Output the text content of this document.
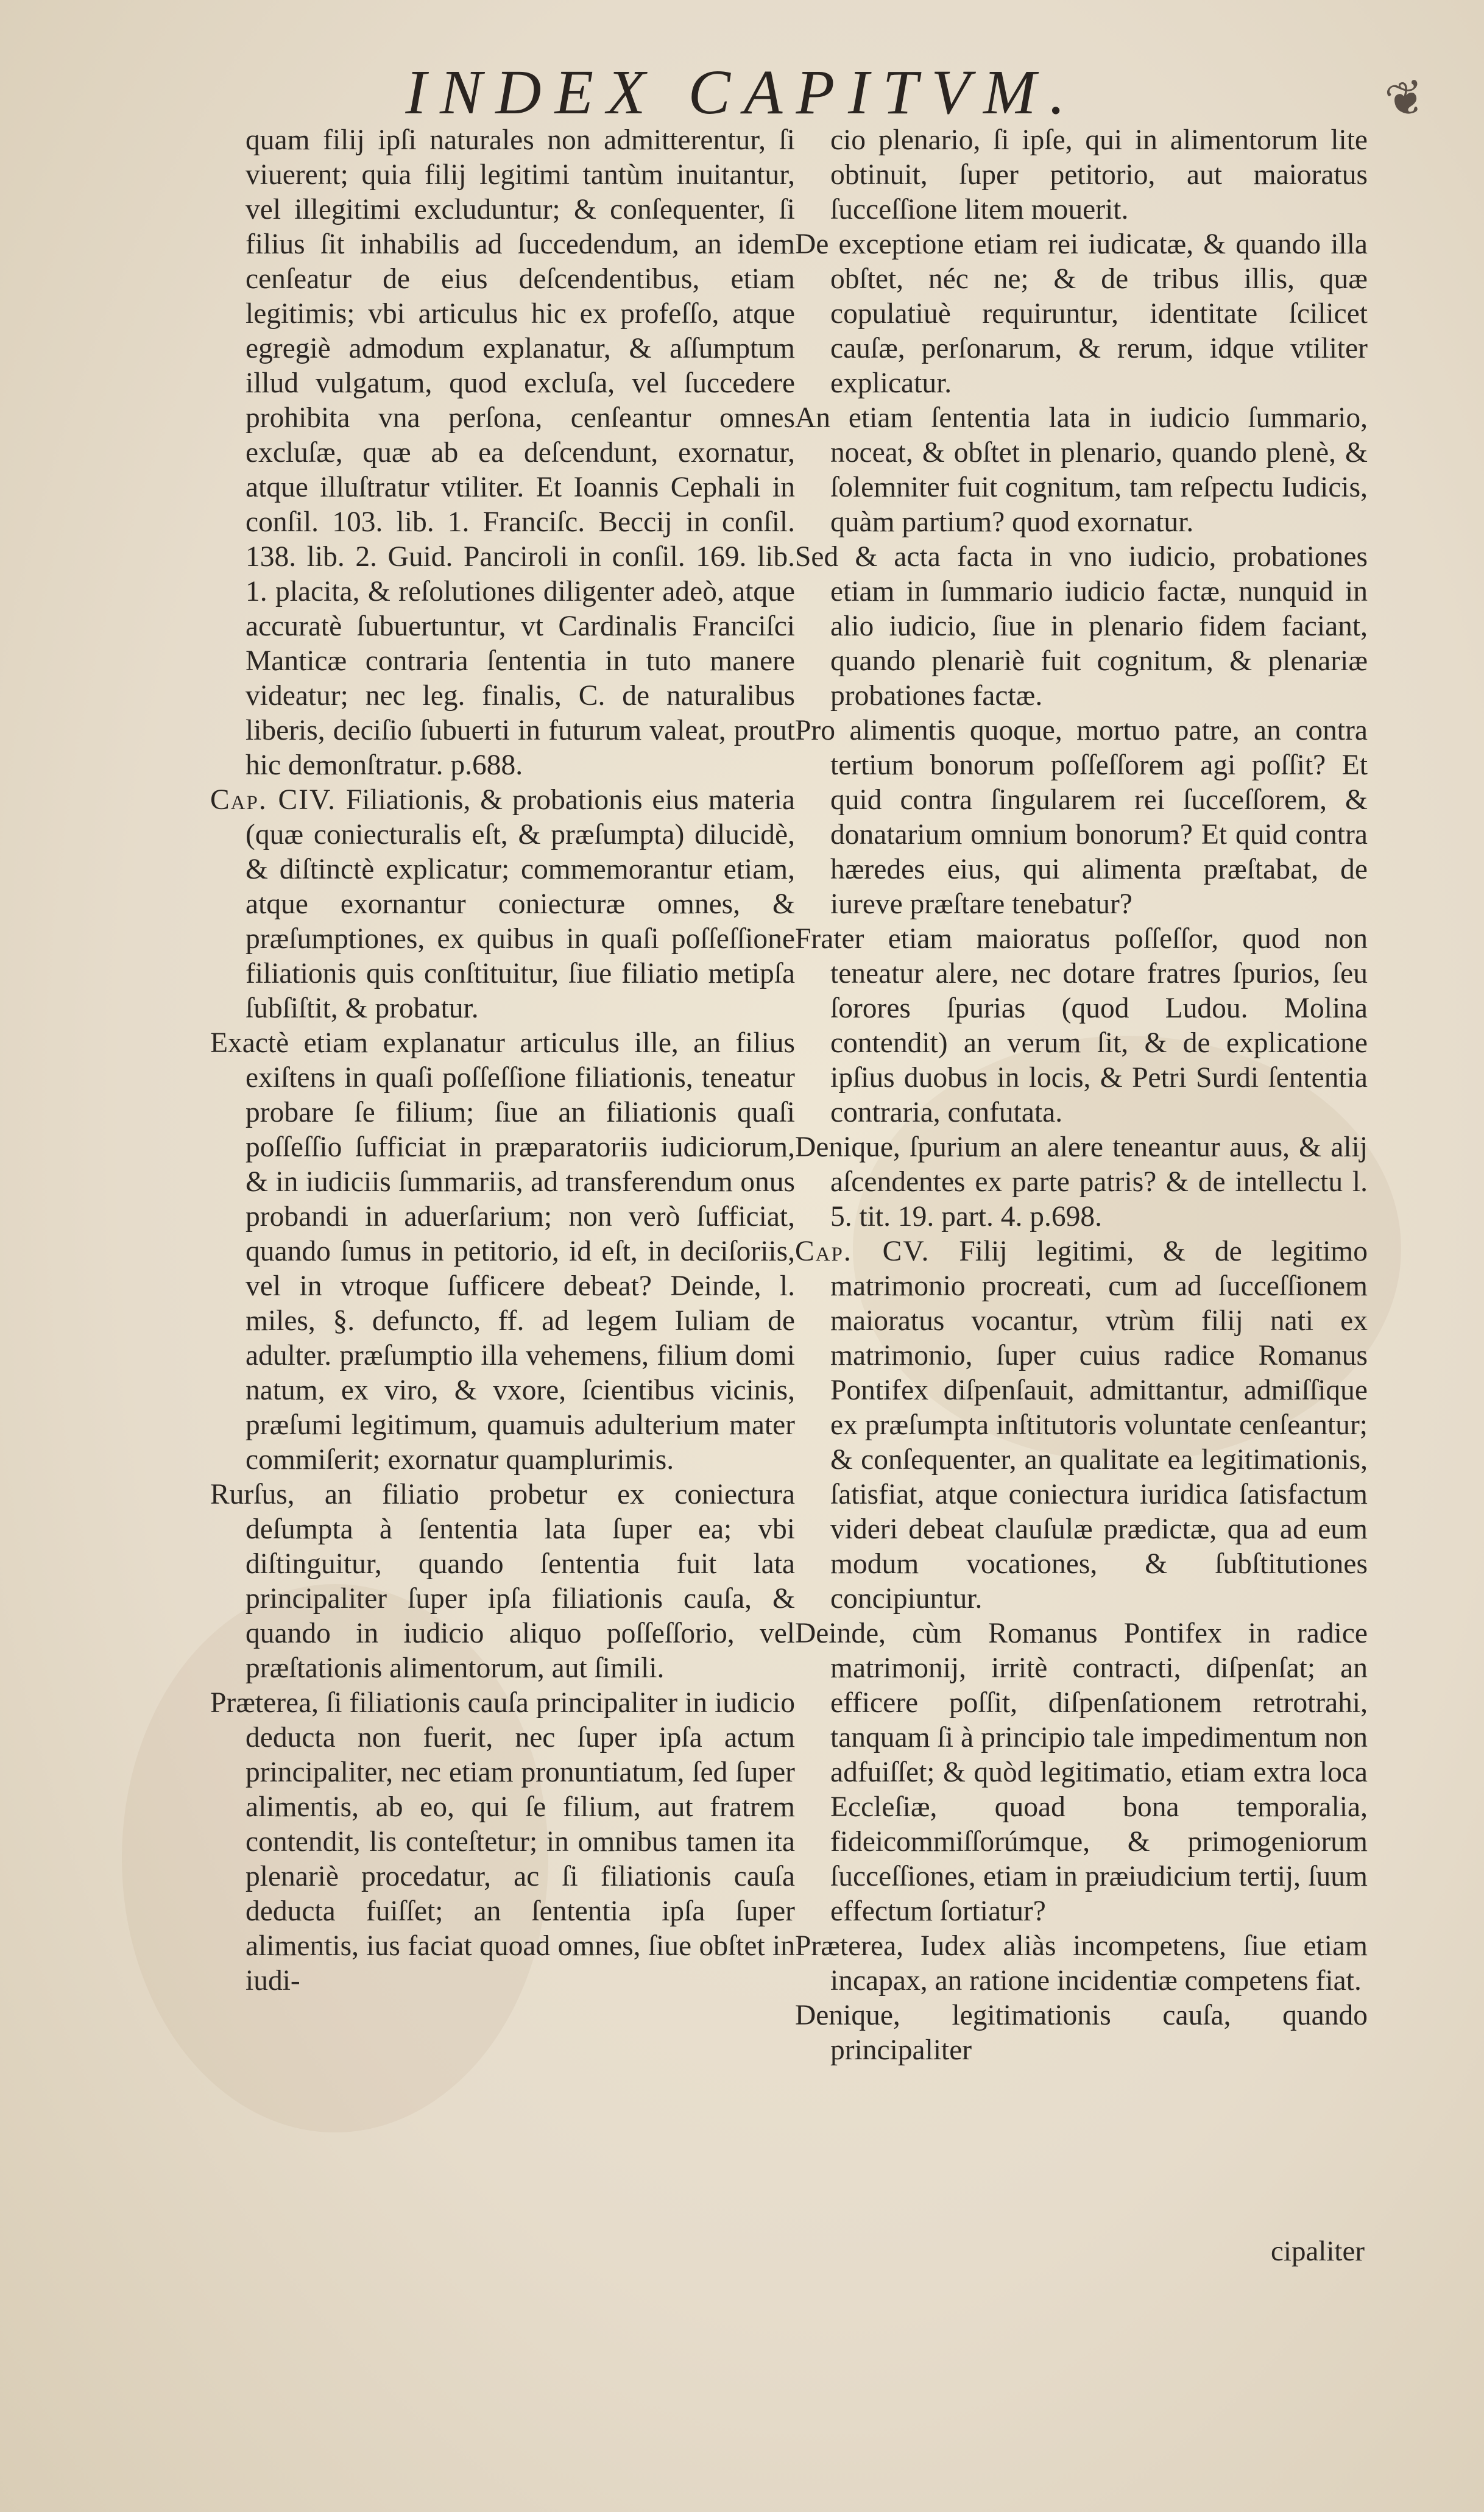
INDEX CAPITVM.	❦

quam filij ipſi naturales non admitterentur, ſi viuerent; quia filij legitimi tantùm inuitantur, vel illegitimi excluduntur; & conſequenter, ſi filius ſit inhabilis ad ſuccedendum, an idem cenſeatur de eius deſcendentibus, etiam legitimis; vbi articulus hic ex profeſſo, atque egregiè admodum explanatur, & aſſumptum illud vulgatum, quod excluſa, vel ſuccedere prohibita vna perſona, cenſeantur omnes excluſæ, quæ ab ea deſcendunt, exornatur, atque illuſtratur vtiliter. Et Ioannis Cephali in conſil. 103. lib. 1. Franciſc. Beccij in conſil. 138. lib. 2. Guid. Panciroli in conſil. 169. lib. 1. placita, & reſolutiones diligenter adeò, atque accuratè ſubuertuntur, vt Cardinalis Franciſci Manticæ contraria ſententia in tuto manere videatur; nec leg. finalis, C. de naturalibus liberis, deciſio ſubuerti in futurum valeat, prout hic demonſtratur. p.688.

Cap. CIV. Filiationis, & probationis eius materia (quæ coniecturalis eſt, & præſumpta) dilucidè, & diſtinctè explicatur; commemorantur etiam, atque exornantur coniecturæ omnes, & præſumptiones, ex quibus in quaſi poſſeſſione filiationis quis conſtituitur, ſiue filiatio metipſa ſubſiſtit, & probatur.

Exactè etiam explanatur articulus ille, an filius exiſtens in quaſi poſſeſſione filiationis, teneatur probare ſe filium; ſiue an filiationis quaſi poſſeſſio ſufficiat in præparatoriis iudiciorum, & in iudiciis ſummariis, ad transferendum onus probandi in aduerſarium; non verò ſufficiat, quando ſumus in petitorio, id eſt, in deciſoriis, vel in vtroque ſufficere debeat? Deinde, l. miles, §. defuncto, ff. ad legem Iuliam de adulter. præſumptio illa vehemens, filium domi natum, ex viro, & vxore, ſcientibus vicinis, præſumi legitimum, quamuis adulterium mater commiſerit; exornatur quamplurimis.

Rurſus, an filiatio probetur ex coniectura deſumpta à ſententia lata ſuper ea; vbi diſtinguitur, quando ſententia fuit lata principaliter ſuper ipſa filiationis cauſa, & quando in iudicio aliquo poſſeſſorio, vel præſtationis alimentorum, aut ſimili.

Præterea, ſi filiationis cauſa principaliter in iudicio deducta non fuerit, nec ſuper ipſa actum principaliter, nec etiam pronuntiatum, ſed ſuper alimentis, ab eo, qui ſe filium, aut fratrem contendit, lis conteſtetur; in omnibus tamen ita plenariè procedatur, ac ſi filiationis cauſa deducta fuiſſet; an ſententia ipſa ſuper alimentis, ius faciat quoad omnes, ſiue obſtet in iudi-

cio plenario, ſi ipſe, qui in alimentorum lite obtinuit, ſuper petitorio, aut maioratus ſucceſſione litem mouerit.

De exceptione etiam rei iudicatæ, & quando illa obſtet, néc ne; & de tribus illis, quæ copulatiuè requiruntur, identitate ſcilicet cauſæ, perſonarum, & rerum, idque vtiliter explicatur.

An etiam ſententia lata in iudicio ſummario, noceat, & obſtet in plenario, quando plenè, & ſolemniter fuit cognitum, tam reſpectu Iudicis, quàm partium? quod exornatur.

Sed & acta facta in vno iudicio, probationes etiam in ſummario iudicio factæ, nunquid in alio iudicio, ſiue in plenario fidem faciant, quando plenariè fuit cognitum, & plenariæ probationes factæ.

Pro alimentis quoque, mortuo patre, an contra tertium bonorum poſſeſſorem agi poſſit? Et quid contra ſingularem rei ſucceſſorem, & donatarium omnium bonorum? Et quid contra hæredes eius, qui alimenta præſtabat, de iureve præſtare tenebatur?

Frater etiam maioratus poſſeſſor, quod non teneatur alere, nec dotare fratres ſpurios, ſeu ſorores ſpurias (quod Ludou. Molina contendit) an verum ſit, & de explicatione ipſius duobus in locis, & Petri Surdi ſententia contraria, confutata.

Denique, ſpurium an alere teneantur auus, & alij aſcendentes ex parte patris? & de intellectu l. 5. tit. 19. part. 4. p.698.

Cap. CV. Filij legitimi, & de legitimo matrimonio procreati, cum ad ſucceſſionem maioratus vocantur, vtrùm filij nati ex matrimonio, ſuper cuius radice Romanus Pontifex diſpenſauit, admittantur, admiſſique ex præſumpta inſtitutoris voluntate cenſeantur; & conſequenter, an qualitate ea legitimationis, ſatisfiat, atque coniectura iuridica ſatisfactum videri debeat clauſulæ prædictæ, qua ad eum modum vocationes, & ſubſtitutiones concipiuntur.

Deinde, cùm Romanus Pontifex in radice matrimonij, irritè contracti, diſpenſat; an efficere poſſit, diſpenſationem retrotrahi, tanquam ſi à principio tale impedimentum non adfuiſſet; & quòd legitimatio, etiam extra loca Eccleſiæ, quoad bona temporalia, fideicommiſſorúmque, & primogeniorum ſucceſſiones, etiam in præiudicium tertij, ſuum effectum ſortiatur?

Præterea, Iudex aliàs incompetens, ſiue etiam incapax, an ratione incidentiæ competens fiat.

Denique, legitimationis cauſa, quando principaliter

cipaliter
